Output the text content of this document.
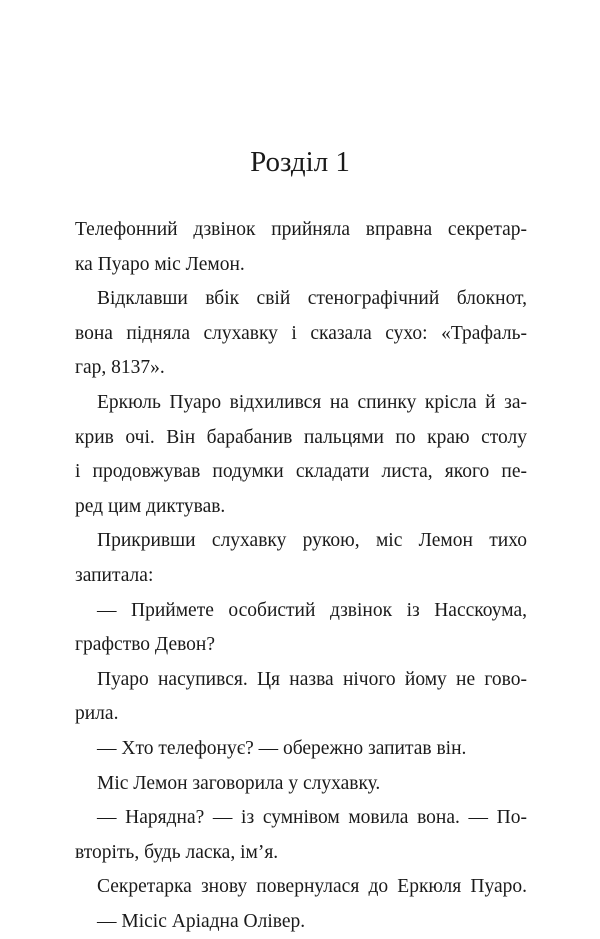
Розділ 1
Телефонний дзвінок прийняла вправна секретар-
ка Пуаро міс Лемон.
Відклавши вбік свій стенографічний блокнот,
вона підняла слухавку і сказала сухо: «Трафаль-
гар, 8137».
Еркюль Пуаро відхилився на спинку крісла й за-
крив очі. Він барабанив пальцями по краю столу
і продовжував подумки складати листа, якого пе-
ред цим диктував.
Прикривши слухавку рукою, міс Лемон тихо
запитала:
— Приймете особистий дзвінок із Насскоума,
графство Девон?
Пуаро насупився. Ця назва нічого йому не гово-
рила.
— Хто телефонує? — обережно запитав він.
Міс Лемон заговорила у слухавку.
— Нарядна? — із сумнівом мовила вона. — По-
вторіть, будь ласка, ім’я.
Секретарка знову повернулася до Еркюля Пуаро.
— Місіс Аріадна Олівер.
